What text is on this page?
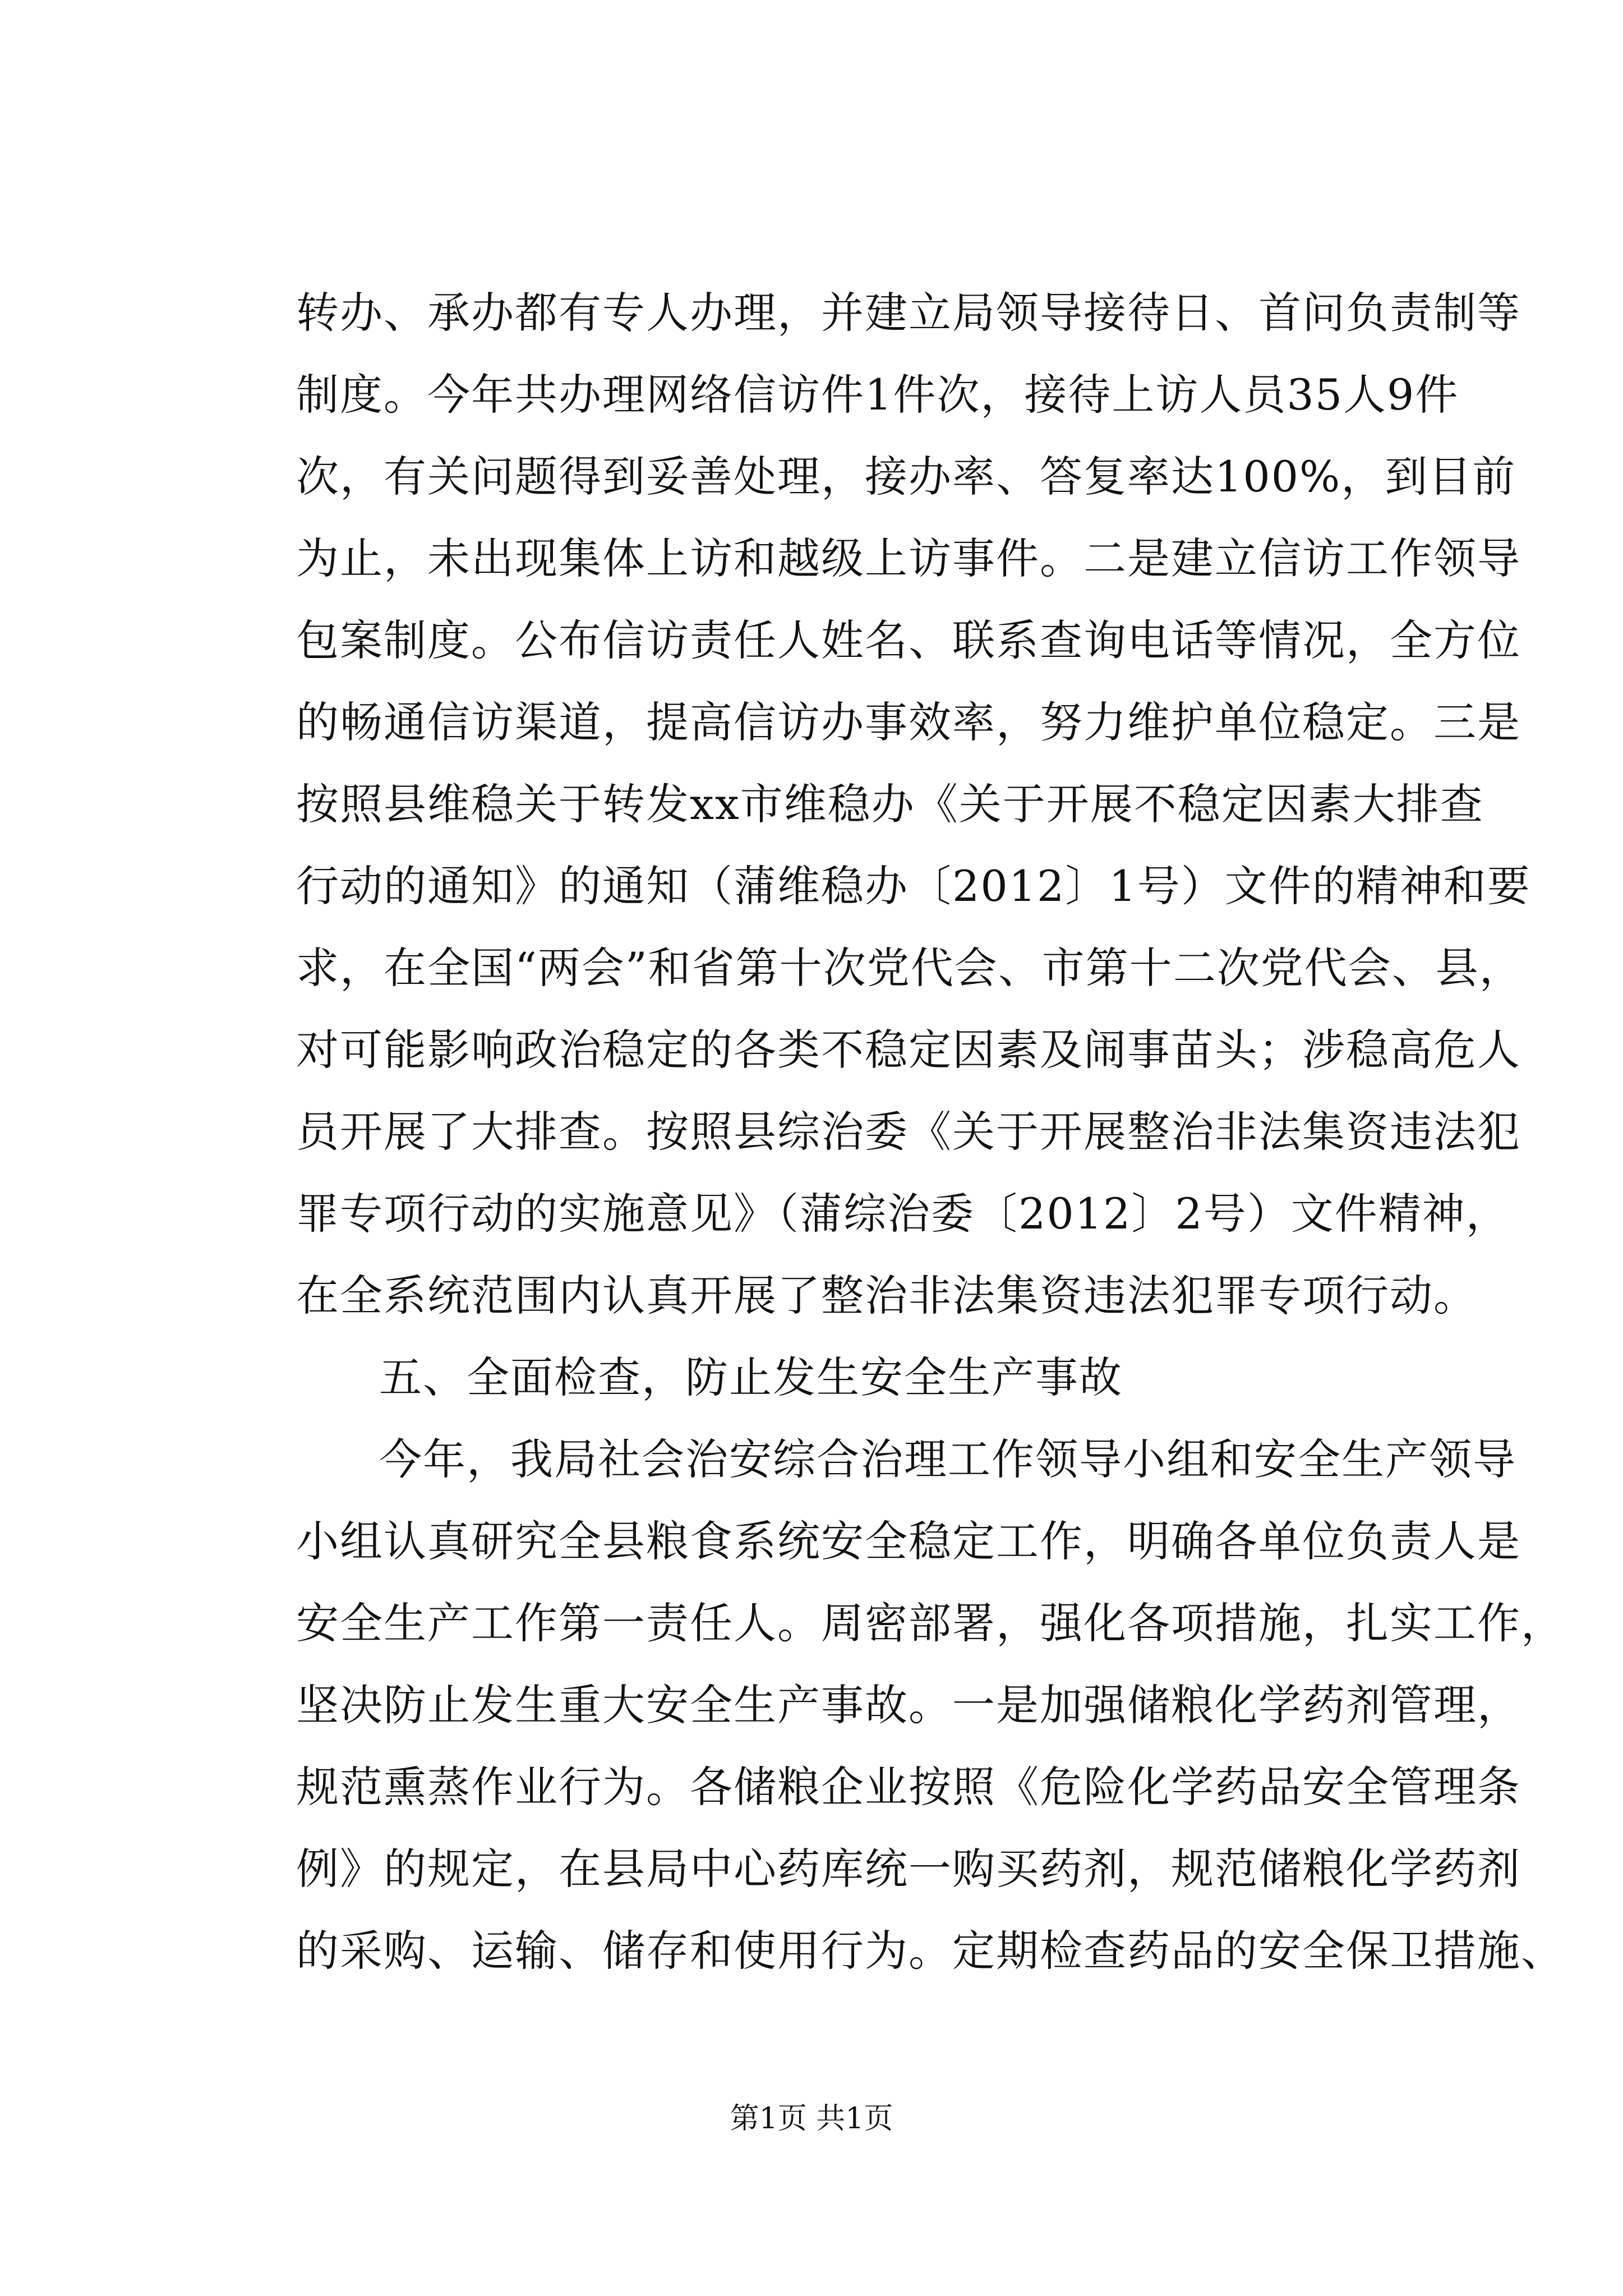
转办、承办都有专人办理，并建立局领导接待日、首问负责制等
制度。今年共办理网络信访件1件次，接待上访人员35人9件
次，有关问题得到妥善处理，接办率、答复率达100%，到目前
为止，未出现集体上访和越级上访事件。二是建立信访工作领导
包案制度。公布信访责任人姓名、联系查询电话等情况，全方位
的畅通信访渠道，提高信访办事效率，努力维护单位稳定。三是
按照县维稳关于转发xx市维稳办《关于开展不稳定因素大排查
行动的通知》的通知（蒲维稳办〔2012〕1号）文件的精神和要
求，在全国“两会”和省第十次党代会、市第十二次党代会、县，
对可能影响政治稳定的各类不稳定因素及闹事苗头；涉稳高危人
员开展了大排查。按照县综治委《关于开展整治非法集资违法犯
罪专项行动的实施意见》（蒲综治委〔2012〕2号）文件精神，
在全系统范围内认真开展了整治非法集资违法犯罪专项行动。
五、全面检查，防止发生安全生产事故
今年，我局社会治安综合治理工作领导小组和安全生产领导
小组认真研究全县粮食系统安全稳定工作，明确各单位负责人是
安全生产工作第一责任人。周密部署，强化各项措施，扎实工作，
坚决防止发生重大安全生产事故。一是加强储粮化学药剂管理，
规范熏蒸作业行为。各储粮企业按照《危险化学药品安全管理条
例》的规定，在县局中心药库统一购买药剂，规范储粮化学药剂
的采购、运输、储存和使用行为。定期检查药品的安全保卫措施、
第1页 共1页
